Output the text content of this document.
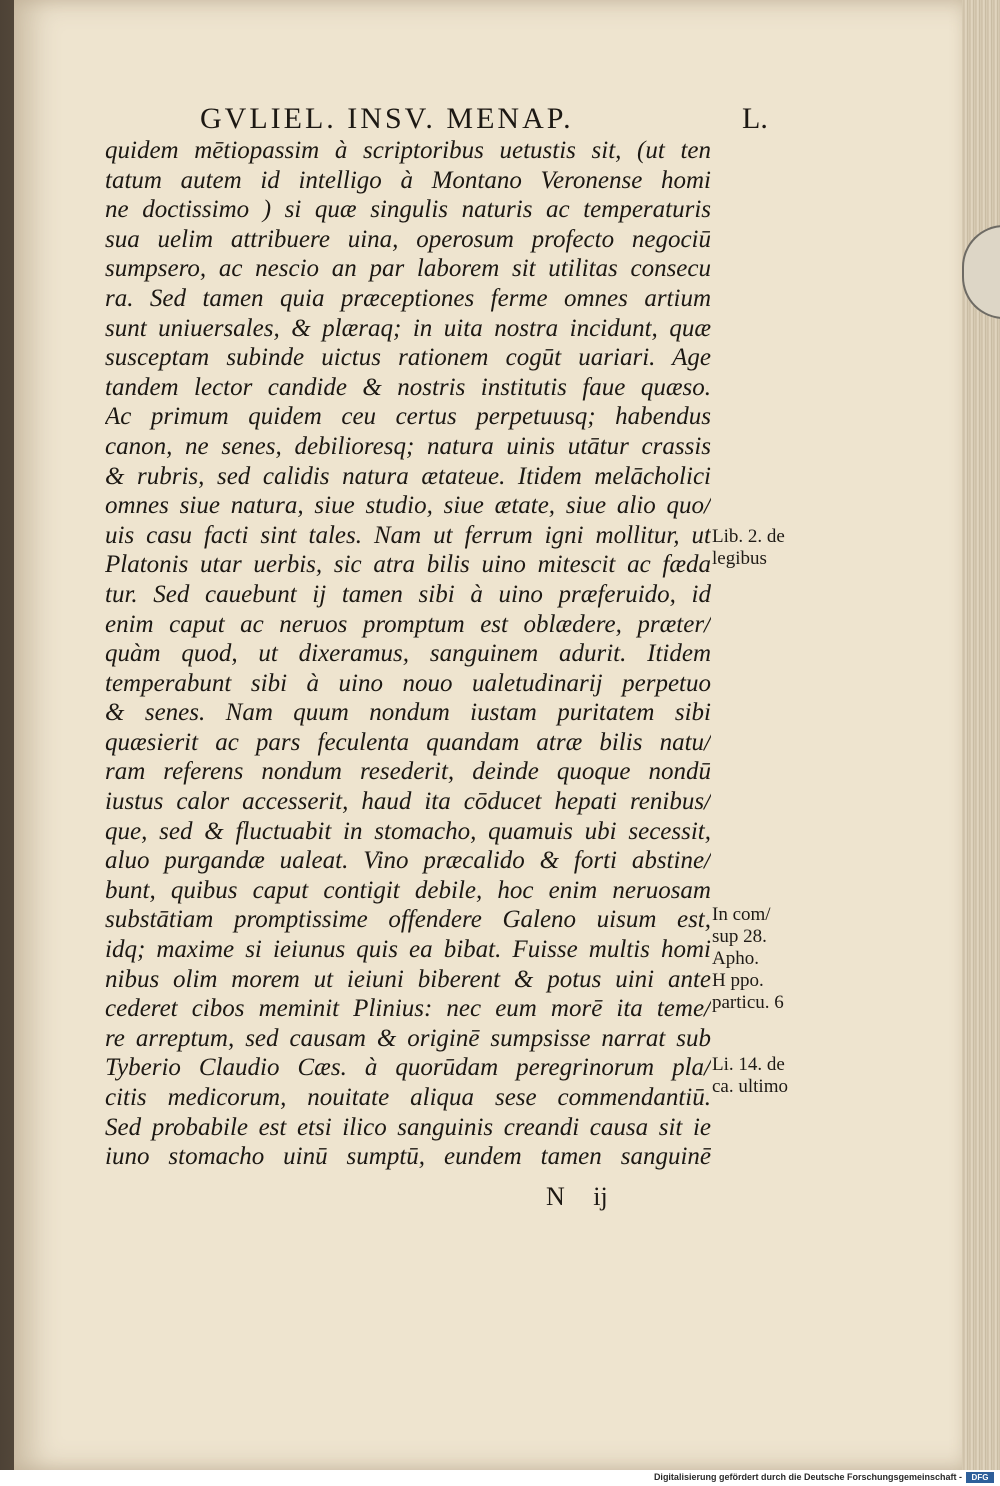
GVLIEL. INSV. MENAP.	L.
quidem mētiopassim à scriptoribus uetustis sit, (ut ten
tatum autem id intelligo à Montano Veronense homi
ne doctissimo ) si quæ singulis naturis ac temperaturis
sua uelim attribuere uina, operosum profecto negociū
sumpsero, ac nescio an par laborem sit utilitas consecu
ra. Sed tamen quia præceptiones ferme omnes artium
sunt uniuersales, & plæraq; in uita nostra incidunt, quæ
susceptam subinde uictus rationem cogūt uariari. Age
tandem lector candide & nostris institutis faue quæso.
Ac primum quidem ceu certus perpetuusq; habendus
canon, ne senes, debilioresq; natura uinis utātur crassis
& rubris, sed calidis natura ætateue. Itidem melācholici
omnes siue natura, siue studio, siue ætate, siue alio quo/
uis casu facti sint tales. Nam ut ferrum igni mollitur, ut
Platonis utar uerbis, sic atra bilis uino mitescit ac fæda
tur. Sed cauebunt ij tamen sibi à uino præferuido, id
enim caput ac neruos promptum est oblædere, præter/
quàm quod, ut dixeramus, sanguinem adurit. Itidem
temperabunt sibi à uino nouo ualetudinarij perpetuo
& senes. Nam quum nondum iustam puritatem sibi
quæsierit ac pars feculenta quandam atræ bilis natu/
ram referens nondum resederit, deinde quoque nondū
iustus calor accesserit, haud ita cōducet hepati renibus/
que, sed & fluctuabit in stomacho, quamuis ubi secessit,
aluo purgandæ ualeat. Vino præcalido & forti abstine/
bunt, quibus caput contigit debile, hoc enim neruosam
substātiam promptissime offendere Galeno uisum est,
idq; maxime si ieiunus quis ea bibat. Fuisse multis homi
nibus olim morem ut ieiuni biberent & potus uini ante
cederet cibos meminit Plinius: nec eum morē ita teme/
re arreptum, sed causam & originē sumpsisse narrat sub
Tyberio Claudio Cæs. à quorūdam peregrinorum pla/
citis medicorum, nouitate aliqua sese commendantiū.
Sed probabile est etsi ilico sanguinis creandi causa sit ie
iuno stomacho uinū sumptū, eundem tamen sanguinē
Lib. 2. de
legibus
In com/
sup 28.
Apho.
H ppo.
particu. 6
Li. 14. de
ca. ultimo
N ij
Digitalisierung gefördert durch die Deutsche Forschungsgemeinschaft -	DFG
